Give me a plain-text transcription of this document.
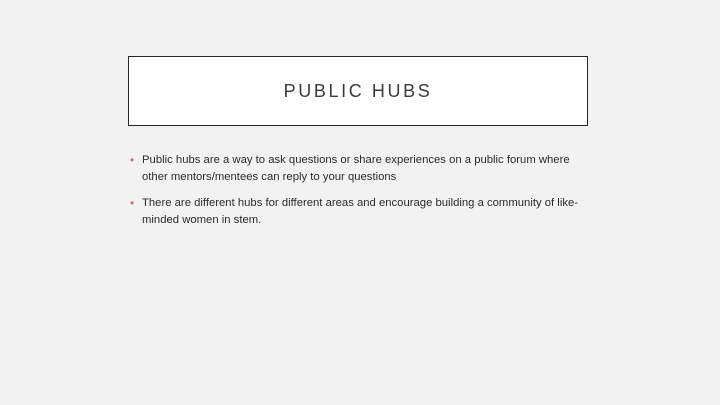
PUBLIC HUBS
• Public hubs are a way to ask questions or share experiences on a public forum where other mentors/mentees can reply to your questions
• There are different hubs for different areas and encourage building a community of like-minded women in stem.
